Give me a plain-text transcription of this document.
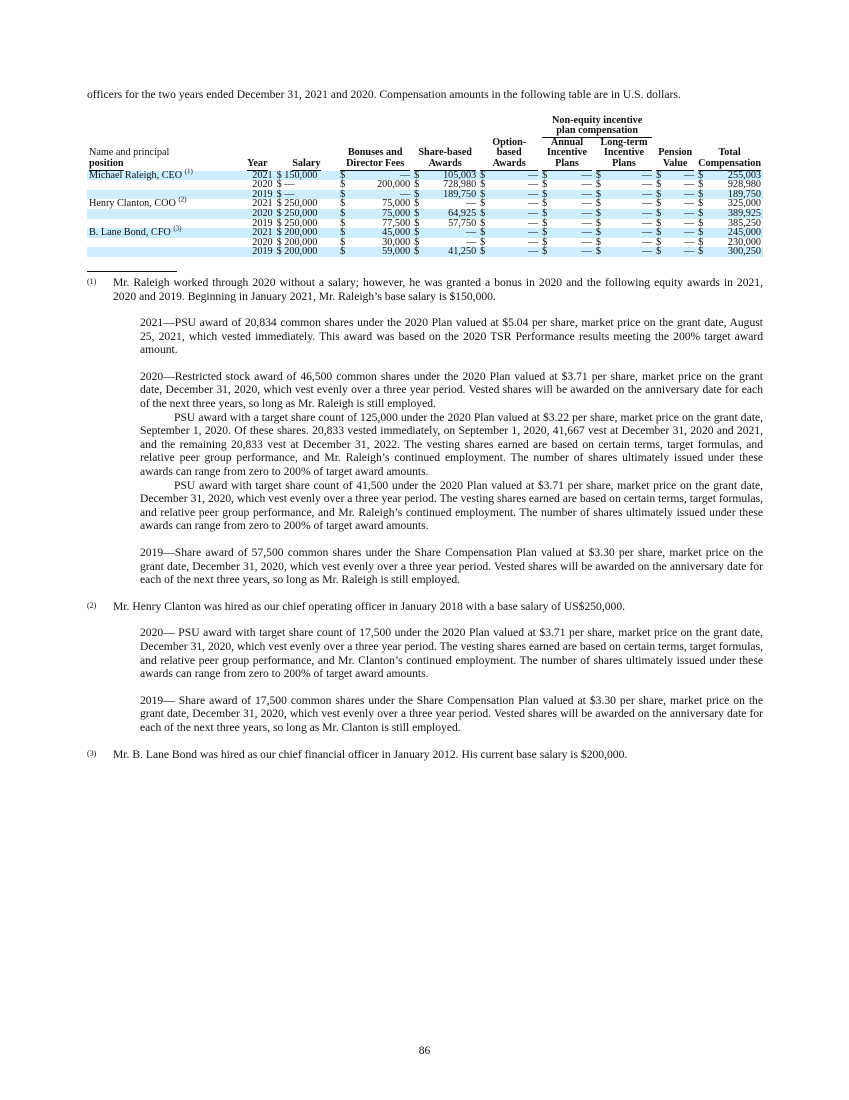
officers for the two years ended December 31, 2021 and 2020. Compensation amounts in the following table are in U.S. dollars.

						Non-equity incentive plan compensation			
Name and principal
position	Year	Salary	Bonuses and Director Fees	Share-based Awards	Option-based Awards	Annual Incentive Plans	Long-term Incentive Plans	Pension Value	Total Compensation
Michael Raleigh, CEO $^{(1)}$	2021	$ 150,000	$ —	$ 105,003	$ —	$ —	$ —	$ —	$ 255,003

	2020	$ —	$ 200,000	$ 728,980	$ —	$ —	$ —	$ —	$ 928,980

	2019	$ —	$ —	$ 189,750	$ —	$ —	$ —	$ —	$ 189,750

Henry Clanton, COO $^{(2)}$	2021	$ 250,000	$ 75,000	$ —	$ —	$ —	$ —	$ —	$ 325,000

	2020	$ 250,000	$ 75,000	$ 64,925	$ —	$ —	$ —	$ —	$ 389,925

	2019	$ 250,000	$ 77,500	$ 57,750	$ —	$ —	$ —	$ —	$ 385,250

B. Lane Bond, CFO $^{(3)}$	2021	$ 200,000	$ 45,000	$ —	$ —	$ —	$ —	$ —	$ 245,000

	2020	$ 200,000	$ 30,000	$ —	$ —	$ —	$ —	$ —	$ 230,000

	2019	$ 200,000	$ 59,000	$ 41,250	$ —	$ —	$ —	$ —	$ 300,250
(1)	Mr. Raleigh worked through 2020 without a salary; however, he was granted a bonus in 2020 and the following equity awards in 2021, 2020 and 2019. Beginning in January 2021, Mr. Raleigh’s base salary is $150,000.

2021—PSU award of 20,834 common shares under the 2020 Plan valued at $5.04 per share, market price on the grant date, August 25, 2021, which vested immediately. This award was based on the 2020 TSR Performance results meeting the 200% target award amount.

2020—Restricted stock award of 46,500 common shares under the 2020 Plan valued at $3.71 per share, market price on the grant date, December 31, 2020, which vest evenly over a three year period. Vested shares will be awarded on the anniversary date for each of the next three years, so long as Mr. Raleigh is still employed.

PSU award with a target share count of 125,000 under the 2020 Plan valued at $3.22 per share, market price on the grant date, September 1, 2020. Of these shares. 20,833 vested immediately, on September 1, 2020, 41,667 vest at December 31, 2020 and 2021, and the remaining 20,833 vest at December 31, 2022. The vesting shares earned are based on certain terms, target formulas, and relative peer group performance, and Mr. Raleigh’s continued employment. The number of shares ultimately issued under these awards can range from zero to 200% of target award amounts.

PSU award with target share count of 41,500 under the 2020 Plan valued at $3.71 per share, market price on the grant date, December 31, 2020, which vest evenly over a three year period. The vesting shares earned are based on certain terms, target formulas, and relative peer group performance, and Mr. Raleigh’s continued employment. The number of shares ultimately issued under these awards can range from zero to 200% of target award amounts.

2019—Share award of 57,500 common shares under the Share Compensation Plan valued at $3.30 per share, market price on the grant date, December 31, 2020, which vest evenly over a three year period. Vested shares will be awarded on the anniversary date for each of the next three years, so long as Mr. Raleigh is still employed.

(2)	Mr. Henry Clanton was hired as our chief operating officer in January 2018 with a base salary of US$250,000.

2020— PSU award with target share count of 17,500 under the 2020 Plan valued at $3.71 per share, market price on the grant date, December 31, 2020, which vest evenly over a three year period. The vesting shares earned are based on certain terms, target formulas, and relative peer group performance, and Mr. Clanton’s continued employment. The number of shares ultimately issued under these awards can range from zero to 200% of target award amounts.

2019— Share award of 17,500 common shares under the Share Compensation Plan valued at $3.30 per share, market price on the grant date, December 31, 2020, which vest evenly over a three year period. Vested shares will be awarded on the anniversary date for each of the next three years, so long as Mr. Clanton is still employed.

(3)	Mr. B. Lane Bond was hired as our chief financial officer in January 2012. His current base salary is $200,000.

86
